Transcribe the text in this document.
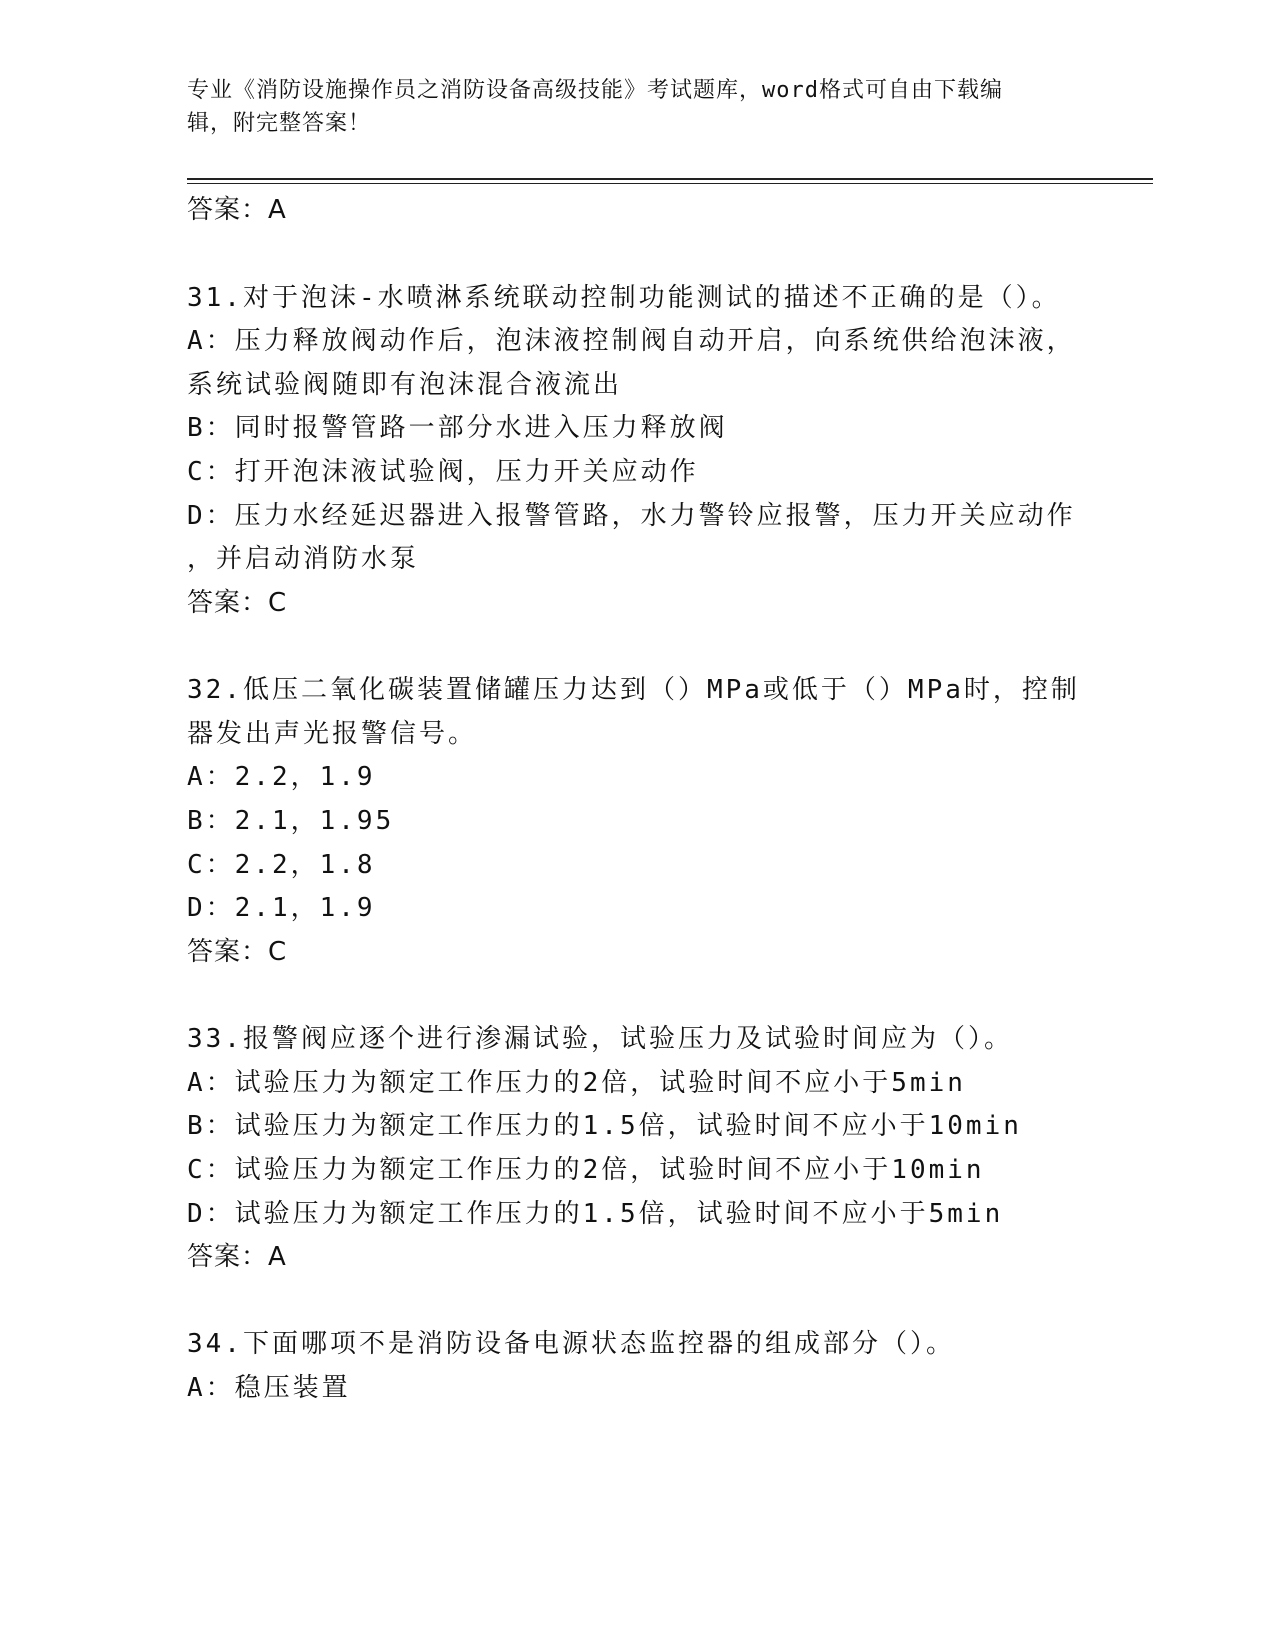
专业《消防设施操作员之消防设备高级技能》考试题库，word格式可自由下载编
辑，附完整答案！
答案：A
31.对于泡沫-水喷淋系统联动控制功能测试的描述不正确的是（）。
A：压力释放阀动作后，泡沫液控制阀自动开启，向系统供给泡沫液，
系统试验阀随即有泡沫混合液流出
B：同时报警管路一部分水进入压力释放阀
C：打开泡沫液试验阀，压力开关应动作
D：压力水经延迟器进入报警管路，水力警铃应报警，压力开关应动作
，并启动消防水泵
答案：C
32.低压二氧化碳装置储罐压力达到（）MPa或低于（）MPa时，控制
器发出声光报警信号。
A：2.2，1.9
B：2.1，1.95
C：2.2，1.8
D：2.1，1.9
答案：C
33.报警阀应逐个进行渗漏试验，试验压力及试验时间应为（）。
A：试验压力为额定工作压力的2倍，试验时间不应小于5min
B：试验压力为额定工作压力的1.5倍，试验时间不应小于10min
C：试验压力为额定工作压力的2倍，试验时间不应小于10min
D：试验压力为额定工作压力的1.5倍，试验时间不应小于5min
答案：A
34.下面哪项不是消防设备电源状态监控器的组成部分（）。
A：稳压装置
